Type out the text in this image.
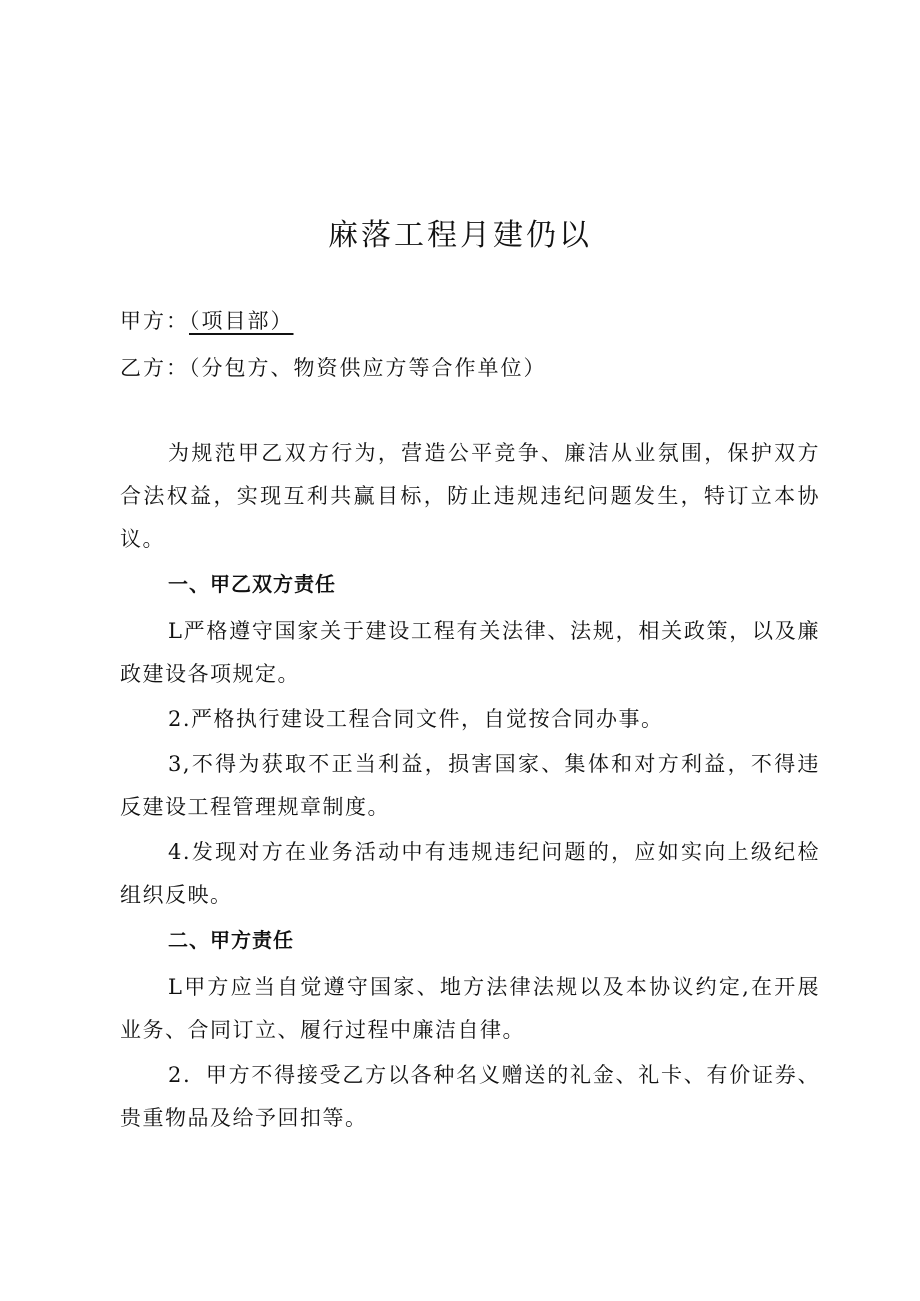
麻落工程月建仍以
甲方：（项目部）
乙方：（分包方、物资供应方等合作单位）

为规范甲乙双方行为，营造公平竞争、廉洁从业氛围，保护双方合法权益，实现互利共赢目标，防止违规违纪问题发生，特订立本协议。

一、甲乙双方责任

L严格遵守国家关于建设工程有关法律、法规，相关政策，以及廉政建设各项规定。

2.严格执行建设工程合同文件，自觉按合同办事。

3,不得为获取不正当利益，损害国家、集体和对方利益，不得违反建设工程管理规章制度。

4.发现对方在业务活动中有违规违纪问题的，应如实向上级纪检组织反映。

二、甲方责任

L甲方应当自觉遵守国家、地方法律法规以及本协议约定,在开展业务、合同订立、履行过程中廉洁自律。

2．甲方不得接受乙方以各种名义赠送的礼金、礼卡、有价证券、贵重物品及给予回扣等。
